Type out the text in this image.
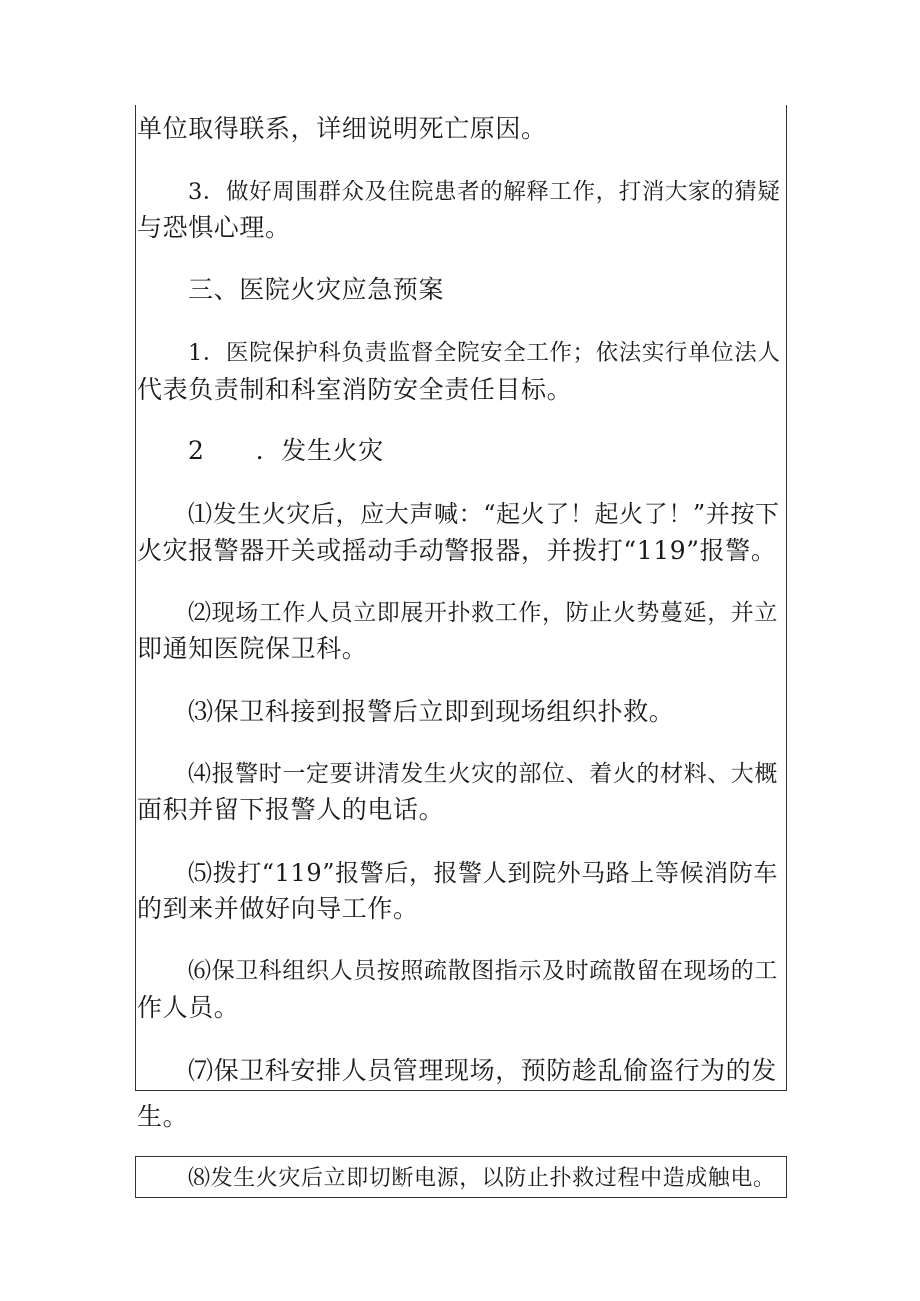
单位取得联系，详细说明死亡原因。
3．做好周围群众及住院患者的解释工作，打消大家的猜疑
与恐惧心理。
三、医院火灾应急预案
1．医院保护科负责监督全院安全工作；依法实行单位法人
代表负责制和科室消防安全责任目标。
2　　．发生火灾
⑴发生火灾后，应大声喊：“起火了！起火了！”并按下
火灾报警器开关或摇动手动警报器，并拨打“119”报警。
⑵现场工作人员立即展开扑救工作，防止火势蔓延，并立
即通知医院保卫科。
⑶保卫科接到报警后立即到现场组织扑救。
⑷报警时一定要讲清发生火灾的部位、着火的材料、大概
面积并留下报警人的电话。
⑸拨打“119”报警后，报警人到院外马路上等候消防车
的到来并做好向导工作。
⑹保卫科组织人员按照疏散图指示及时疏散留在现场的工
作人员。
⑺保卫科安排人员管理现场，预防趁乱偷盗行为的发
生。
⑻发生火灾后立即切断电源，以防止扑救过程中造成触电。
